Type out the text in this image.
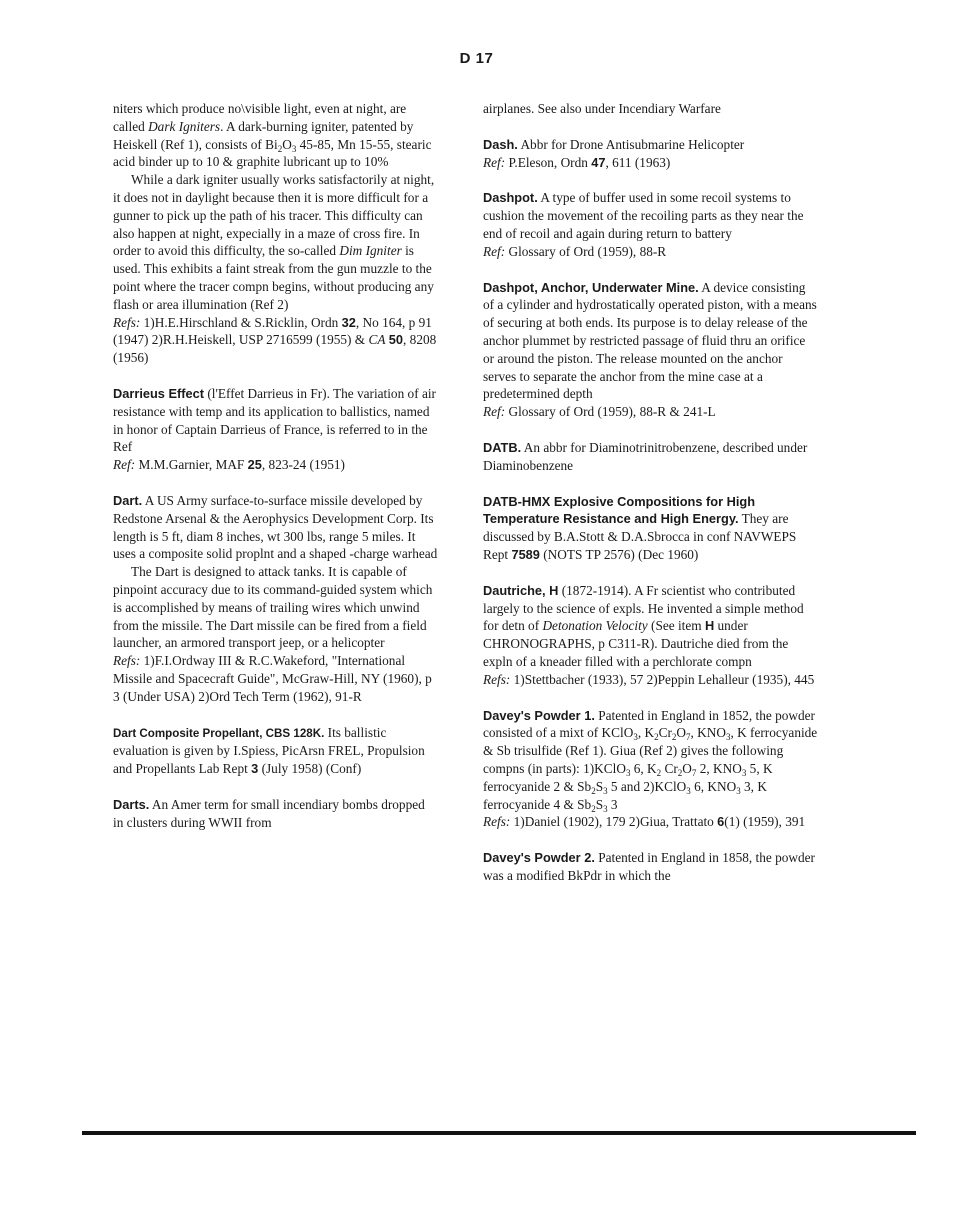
D 17

niters which produce no\visible light, even at night, are called Dark Igniters. A dark-burning igniter, patented by Heiskell (Ref 1), consists of $Bi_2O_3$ 45-85, Mn 15-55, stearic acid binder up to 10 & graphite lubricant up to 10%

While a dark igniter usually works satisfactorily at night, it does not in daylight because then it is more difficult for a gunner to pick up the path of his tracer. This difficulty can also happen at night, expecially in a maze of cross fire. In order to avoid this difficulty, the so-called Dim Igniter is used. This exhibits a faint streak from the gun muzzle to the point where the tracer compn begins, without producing any flash or area illumination (Ref 2)

Refs: 1)H.E.Hirschland & S.Ricklin, Ordn 32, No 164, p 91 (1947) 2)R.H.Heiskell, USP 2716599 (1955) & CA 50, 8208 (1956)

Darrieus Effect (l'Effet Darrieus in Fr). The variation of air resistance with temp and its application to ballistics, named in honor of Captain Darrieus of France, is referred to in the Ref

Ref: M.M.Garnier, MAF 25, 823-24 (1951)

Dart. A US Army surface-to-surface missile developed by Redstone Arsenal & the Aerophysics Development Corp. Its length is 5 ft, diam 8 inches, wt 300 lbs, range 5 miles. It uses a composite solid proplnt and a shaped -charge warhead

The Dart is designed to attack tanks. It is capable of pinpoint accuracy due to its command-guided system which is accomplished by means of trailing wires which unwind from the missile. The Dart missile can be fired from a field launcher, an armored transport jeep, or a helicopter

Refs: 1)F.I.Ordway III & R.C.Wakeford, "International Missile and Spacecraft Guide", McGraw-Hill, NY (1960), p 3 (Under USA) 2)Ord Tech Term (1962), 91-R

Dart Composite Propellant, CBS 128K. Its ballistic evaluation is given by I.Spiess, PicArsn FREL, Propulsion and Propellants Lab Rept 3 (July 1958) (Conf)

Darts. An Amer term for small incendiary bombs dropped in clusters during WWII from

airplanes. See also under Incendiary Warfare

Dash. Abbr for Drone Antisubmarine Helicopter

Ref: P.Eleson, Ordn 47, 611 (1963)

Dashpot. A type of buffer used in some recoil systems to cushion the movement of the recoiling parts as they near the end of recoil and again during return to battery

Ref: Glossary of Ord (1959), 88-R

Dashpot, Anchor, Underwater Mine. A device consisting of a cylinder and hydrostatically operated piston, with a means of securing at both ends. Its purpose is to delay release of the anchor plummet by restricted passage of fluid thru an orifice or around the piston. The release mounted on the anchor serves to separate the anchor from the mine case at a predetermined depth

Ref: Glossary of Ord (1959), 88-R & 241-L

DATB. An abbr for Diaminotrinitrobenzene, described under Diaminobenzene

DATB-HMX Explosive Compositions for High Temperature Resistance and High Energy. They are discussed by B.A.Stott & D.A.Sbrocca in conf NAVWEPS Rept 7589 (NOTS TP 2576) (Dec 1960)

Dautriche, H (1872-1914). A Fr scientist who contributed largely to the science of expls. He invented a simple method for detn of Detonation Velocity (See item H under CHRONOGRAPHS, p C311-R). Dautriche died from the expln of a kneader filled with a perchlorate compn

Refs: 1)Stettbacher (1933), 57 2)Peppin Lehalleur (1935), 445

Davey's Powder 1. Patented in England in 1852, the powder consisted of a mixt of KClO$_3$, $K_2Cr_2O_7$, $KNO_3$, K ferrocyanide & Sb trisulfide (Ref 1). Giua (Ref 2) gives the following compns (in parts): 1)KClO$_3$ 6, $K_2$ $Cr_2O_7$ 2, $KNO_3$ 5, K ferrocyanide 2 & $Sb_2S_3$ 5 and 2)KClO$_3$ 6, $KNO_3$ 3, K ferrocyanide 4 & $Sb_2S_3$ 3

Refs: 1)Daniel (1902), 179 2)Giua, Trattato 6(1) (1959), 391

Davey's Powder 2. Patented in England in 1858, the powder was a modified BkPdr in which the
